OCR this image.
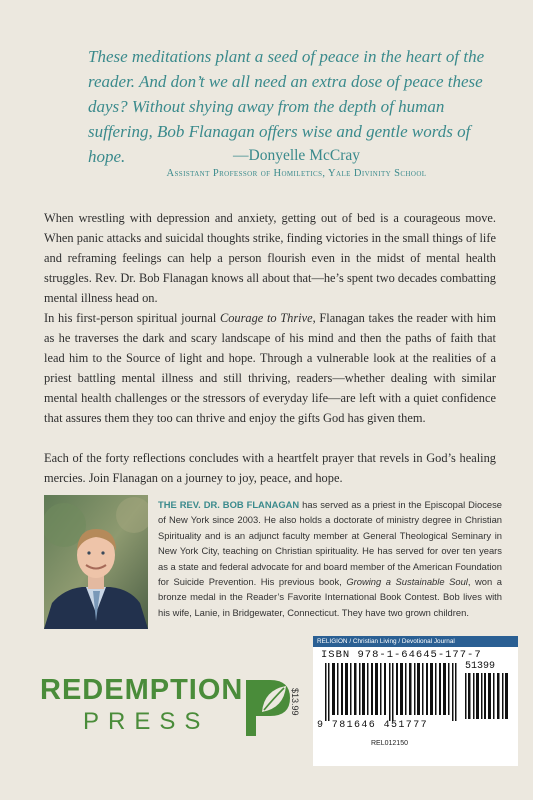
These meditations plant a seed of peace in the heart of the reader. And don’t we all need an extra dose of peace these days? Without shying away from the depth of human suffering, Bob Flanagan offers wise and gentle words of hope.	—Donyelle McCray
Assistant Professor of Homiletics, Yale Divinity School
When wrestling with depression and anxiety, getting out of bed is a courageous move. When panic attacks and suicidal thoughts strike, finding victories in the small things of life and reframing feelings can help a person flourish even in the midst of mental health struggles. Rev. Dr. Bob Flanagan knows all about that—he’s spent two decades combatting mental illness head on.
In his first-person spiritual journal Courage to Thrive, Flanagan takes the reader with him as he traverses the dark and scary landscape of his mind and then the paths of faith that lead him to the Source of light and hope. Through a vulnerable look at the realities of a priest battling mental illness and still thriving, readers—whether dealing with similar mental health challenges or the stressors of everyday life—are left with a quiet confidence that assures them they too can thrive and enjoy the gifts God has given them.
Each of the forty reflections concludes with a heartfelt prayer that revels in God’s healing mercies. Join Flanagan on a journey to joy, peace, and hope.
THE REV. DR. BOB FLANAGAN has served as a priest in the Episcopal Diocese of New York since 2003. He also holds a doctorate of ministry degree in Christian Spirituality and is an adjunct faculty member at General Theological Seminary in New York City, teaching on Christian spirituality. He has served for over ten years as a state and federal advocate for and board member of the American Foundation for Suicide Prevention. His previous book, Growing a Sustainable Soul, won a bronze medal in the Reader’s Favorite International Book Contest. Bob lives with his wife, Lanie, in Bridgewater, Connecticut. They have two grown children.
REDEMPTION
PRESS
$13.99
RELIGION / Christian Living / Devotional Journal
ISBN 978-1-64645-177-7
51399
9 781646 451777
REL012150
